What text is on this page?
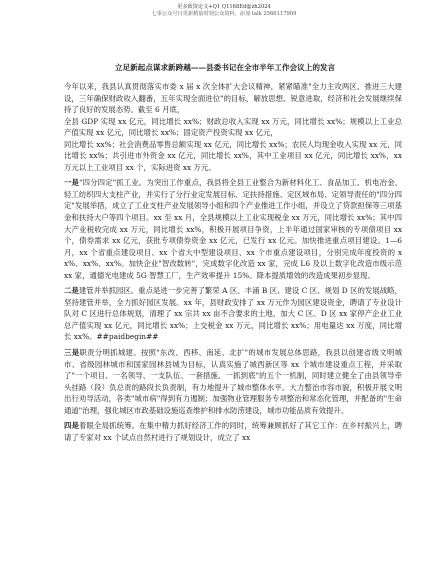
更多致资论文+Q1 Q1168Ed@zh2024
七零公众号日更新精量时刻公众资料。添加 talk 2566117909
立足新起点谋求新跨越——县委书记在全市半年工作会议上的发言

今年以来，我县认真贯彻落实市委 x 届 x 次全体扩大会议精神，紧紧瞄准"全力主攻两区、推进三大建设，三年确保财政收入翻番，五年实现全面进位"的目标，解放思想、锐意进取，经济和社会发展继续保持了良好的发展态势。截至 6 月底，

全县 GDP 实现 xx 亿元，同比增长 xx%；财政总收入实现 xx 万元，同比增长 xx%；规模以上工业总产值实现 xx 亿元，同比增长 xx%；固定资产投资实现 xx 亿元，

同比增长 xx%；社会消费品零售总额实现 xx 亿元，同比增长 xx%；农民人均现金收入实现 xx 元，同比增长 xx%；共引进市外资金 xx 亿元，同比增长 xx%，其中工业项目 xx 亿元，同比增长 xx%，xx 万元以上工业项目 xx 个，实际进资 xx 万元。

一是"四分四定"抓工业。为突出工作重点，我县将全县工业整合为新材料化工、食品加工、机电冶金、轻工纺织四大支柱产业，并实行了分行业定发展目标、定扶持措施、定区域布局、定领导责任的"四分四定"发展举措，成立了工业支柱产业发展领导小组和四个产业推进工作小组，并设立了贷款担保等三项基金和扶持大户等四个项目。xx 至 xx 月，全县规模以上工业实现税金 xx 万元，同比增长 xx%；其中四大产业税收完成 xx 万元，同比增长 xx%，积极开展项目争资，上半年通过国家审核的专项债项目 xx 个，债券需求 xx 亿元，获批专项债券资金 xx 亿元，已发行 xx 亿元。加快推进重点项目建设。1—6 月，xx 个省重点建设项目、xx 个省大中型建设项目、xx 个市重点建设项目，分别完成年度投资的 xx%、xx%、xx%。加快企业"智改数转"，完成数字化改造 xx 家，完成 L6 及以上数字化改造市级示范 xx 家，通德光电建成 5G 智慧工厂，生产效率提升 15%。降本提质增效的改造成果初步显现。

二是建管并举抓园区。重点是进一步完善了繁荣 A 区、丰涌 B 区、建设 C 区、规划 D 区的发展战略，坚持建管并举，全力抓好园区发展。xx 年，县财政安排了 xx 万元作为园区建设资金，聘请了专业设计队对 C 区进行总体规划，清理了 xx 宗共 xx 亩不合要求的土地，加大 C 区、D 区 xx 家停产企业工业总产值实现 xx 亿元，同比增长 xx%；上交税金 xx 万元，同比增长 xx%；用电量达 xx 万度，同比增长 xx%。##paidbegin##

三是职责分明抓城建。按照"东改、西移、南延、北扩"的城市发展总体思路，我县以创建省级文明城市、省级园林城市和国家园林县城为目标，认真实施了城西新区等 xx 个城市建设重点工程，并采取了"一个项目、一名领导、一支队伍、一套措施、一抓到底"的五个一机制，同时建立健全了由县领导牵头挂路（段）负总责的路段长负责制，有力地提升了城市整体水平。大力整治市容市貌，积极开展文明出行劝导活动，各类"城市病"得到有力遏制；加强物业管理服务专项整治和常态化管理，并配备的"生命通道"治理，强化城区市政基础设施巡查维护和排水防涝建设，城市功能品质有效提升。

四是着眼全局抓统筹。在集中精力抓好经济工作的同时，统筹兼顾抓好了其它工作：在乡村振兴上，聘请了专家对 xx 个试点自然村进行了规划设计，成立了 xx
